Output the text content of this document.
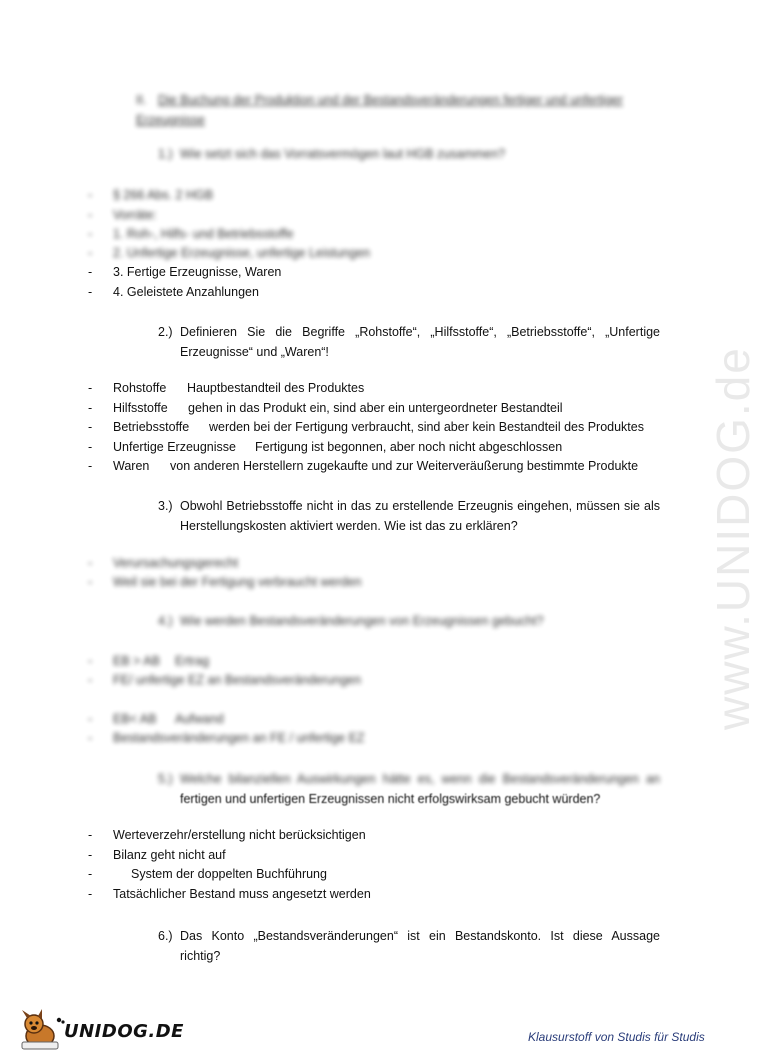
www.UNIDOG.de
II. Die Buchung der Produktion und der Bestandsveränderungen fertiger und unfertiger Erzeugnisse
1.) Wie setzt sich das Vorratsvermögen laut HGB zusammen?
- § 266 Abs. 2 HGB
- Vorräte:
- 1. Roh-, Hilfs- und Betriebsstoffe
- 2. Unfertige Erzeugnisse, unfertige Leistungen
- 3. Fertige Erzeugnisse, Waren
- 4. Geleistete Anzahlungen
2.) Definieren Sie die Begriffe „Rohstoffe“, „Hilfsstoffe“, „Betriebsstoffe“, „Unfertige
Erzeugnisse“ und „Waren“!
- Rohstoffe Hauptbestandteil des Produktes
- Hilfsstoffe gehen in das Produkt ein, sind aber ein untergeordneter Bestandteil
- Betriebsstoffe werden bei der Fertigung verbraucht, sind aber kein Bestandteil des Produktes
- Unfertige Erzeugnisse Fertigung ist begonnen, aber noch nicht abgeschlossen
- Waren von anderen Herstellern zugekaufte und zur Weiterveräußerung bestimmte Produkte
3.) Obwohl Betriebsstoffe nicht in das zu erstellende Erzeugnis eingehen, müssen sie als
Herstellungskosten aktiviert werden. Wie ist das zu erklären?
- Verursachungsgerecht
- Weil sie bei der Fertigung verbraucht werden
4.) Wie werden Bestandsveränderungen von Erzeugnissen gebucht?
- EB > AB Ertrag
- FE/ unfertige EZ an Bestandsveränderungen
- EB< AB Aufwand
- Bestandsveränderungen an FE / unfertige EZ
5.) Welche bilanziellen Auswirkungen hätte es, wenn die Bestandsveränderungen an
fertigen und unfertigen Erzeugnissen nicht erfolgswirksam gebucht würden?
- Werteverzehr/erstellung nicht berücksichtigen
- Bilanz geht nicht auf
-	System der doppelten Buchführung
- Tatsächlicher Bestand muss angesetzt werden
6.) Das Konto „Bestandsveränderungen“ ist ein Bestandskonto. Ist diese Aussage
richtig?
UNIDOG.DE	Klausurstoff von Studis für Studis
